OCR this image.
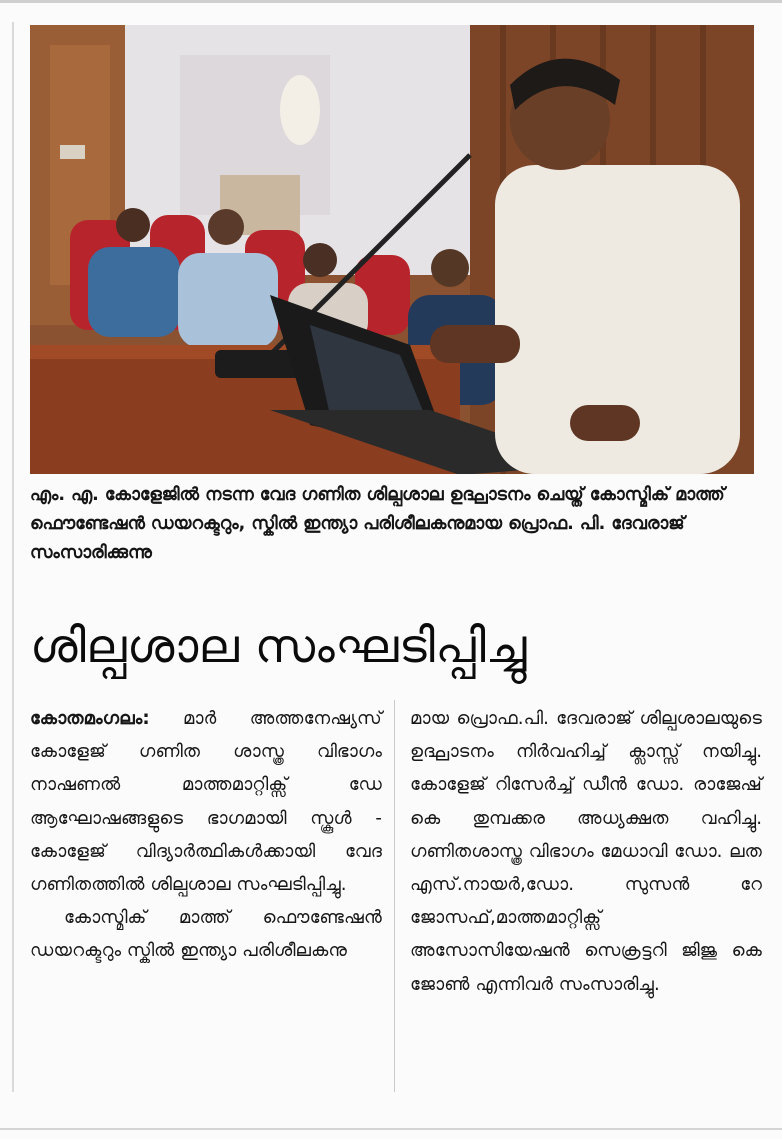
എം. എ. കോളേജിൽ നടന്ന വേദ ഗണിത ശില്പശാല ഉദ്ഘാടനം ചെയ്ത് കോസ്മിക് മാത്ത് ഫൌണ്ടേഷൻ ഡയറക്ടറും, സ്കിൽ ഇന്ത്യാ പരിശീലകനുമായ പ്രൊഫ. പി. ദേവരാജ് സംസാരിക്കുന്നു

ശില്പശാല സംഘടിപ്പിച്ചു

കോതമംഗലം: മാർ അത്തനേഷ്യസ് കോളേജ് ഗണിത ശാസ്ത്ര വിഭാഗം നാഷണൽ മാത്തമാറ്റിക്സ് ഡേ ആഘോഷങ്ങളുടെ ഭാഗമായി സ്കൂൾ - കോളേജ് വിദ്യാർത്ഥികൾക്കായി വേദ ഗണിതത്തിൽ ശില്പശാല സംഘടിപ്പിച്ചു.

കോസ്മിക് മാത്ത് ഫൌണ്ടേഷൻ ഡയറക്ടറും സ്കിൽ ഇന്ത്യാ പരിശീലകനു

മായ പ്രൊഫ.പി. ദേവരാജ് ശില്പശാലയുടെ ഉദ്ഘാടനം നിർവഹിച്ച് ക്ലാസ്സ് നയിച്ചു. കോളേജ് റിസേർച്ച് ഡീൻ ഡോ. രാജേഷ് കെ തുമ്പക്കര അധ്യക്ഷത വഹിച്ചു. ഗണിതശാസ്ത്ര വിഭാഗം മേധാവി ഡോ. ലത എസ്.നായർ,ഡോ. സുസൻ റേ ജോസഫ്,മാത്തമാറ്റിക്സ് അസോസിയേഷൻ സെക്രട്ടറി ജിജു കെ ജോൺ എന്നിവർ സംസാരിച്ചു.
